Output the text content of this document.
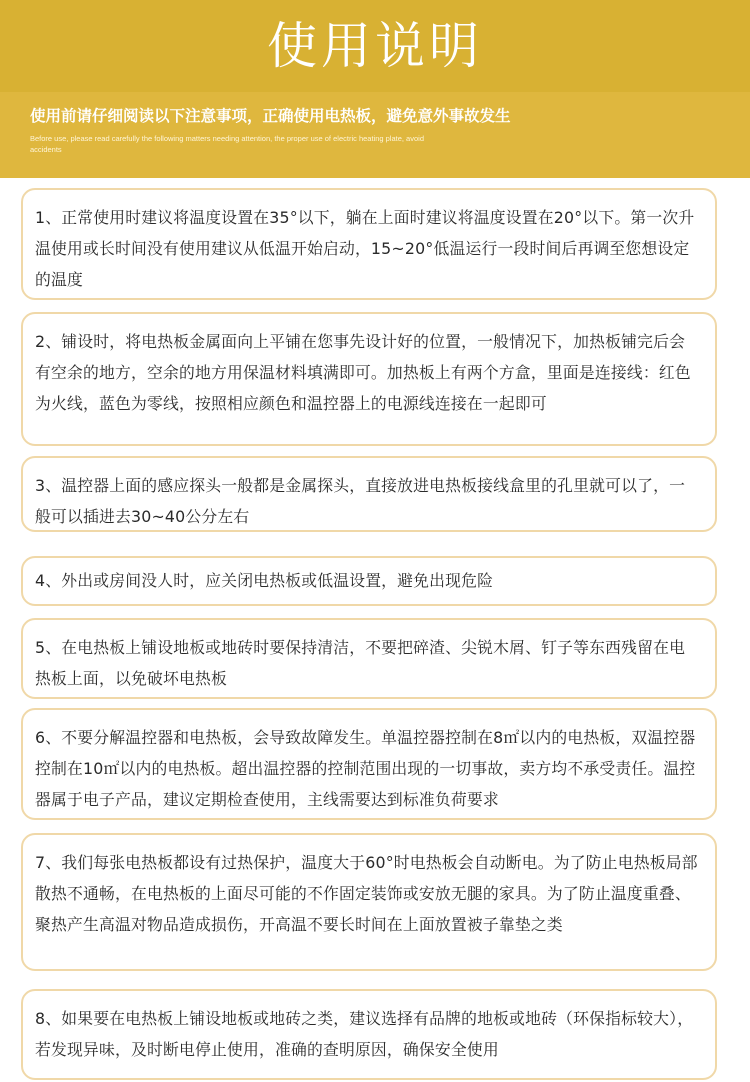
使用说明
使用前请仔细阅读以下注意事项，正确使用电热板，避免意外事故发生
Before use, please read carefully the following matters needing attention, the proper use of electric heating plate, avoid accidents
1、正常使用时建议将温度设置在35°以下，躺在上面时建议将温度设置在20°以下。第一次升温使用或长时间没有使用建议从低温开始启动，15~20°低温运行一段时间后再调至您想设定的温度
2、铺设时，将电热板金属面向上平铺在您事先设计好的位置，一般情况下，加热板铺完后会有空余的地方，空余的地方用保温材料填满即可。加热板上有两个方盒，里面是连接线：红色为火线，蓝色为零线，按照相应颜色和温控器上的电源线连接在一起即可
3、温控器上面的感应探头一般都是金属探头，直接放进电热板接线盒里的孔里就可以了，一般可以插进去30~40公分左右
4、外出或房间没人时，应关闭电热板或低温设置，避免出现危险
5、在电热板上铺设地板或地砖时要保持清洁，不要把碎渣、尖锐木屑、钉子等东西残留在电热板上面，以免破坏电热板
6、不要分解温控器和电热板，会导致故障发生。单温控器控制在8㎡以内的电热板，双温控器控制在10㎡以内的电热板。超出温控器的控制范围出现的一切事故，卖方均不承受责任。温控器属于电子产品，建议定期检查使用，主线需要达到标准负荷要求
7、我们每张电热板都设有过热保护，温度大于60°时电热板会自动断电。为了防止电热板局部散热不通畅，在电热板的上面尽可能的不作固定装饰或安放无腿的家具。为了防止温度重叠、聚热产生高温对物品造成损伤，开高温不要长时间在上面放置被子靠垫之类
8、如果要在电热板上铺设地板或地砖之类，建议选择有品牌的地板或地砖（环保指标较大），若发现异味，及时断电停止使用，准确的查明原因，确保安全使用
